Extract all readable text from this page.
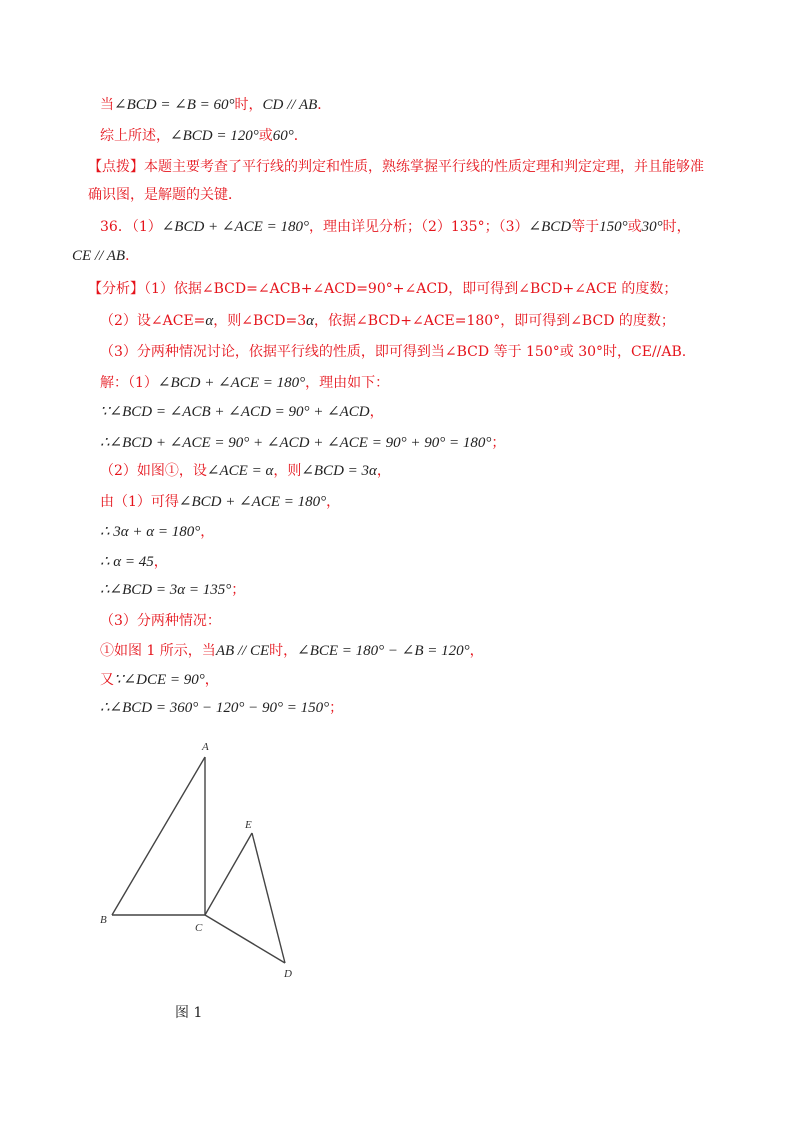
当∠BCD = ∠B = 60°时，CD // AB．
综上所述，∠BCD = 120°或60°．
【点拨】本题主要考查了平行线的判定和性质，熟练掌握平行线的性质定理和判定定理，并且能够准
确识图，是解题的关键．
36．（1）∠BCD + ∠ACE = 180°，理由详见分析；（2）135°；（3）∠BCD等于150°或30°时，
CE // AB．
【分析】（1）依据∠BCD=∠ACB+∠ACD=90°+∠ACD，即可得到∠BCD+∠ACE 的度数；
（2）设∠ACE=α，则∠BCD=3α，依据∠BCD+∠ACE=180°，即可得到∠BCD 的度数；
（3）分两种情况讨论，依据平行线的性质，即可得到当∠BCD 等于 150°或 30°时，CE//AB.
解：（1）∠BCD + ∠ACE = 180°，理由如下：
∵∠BCD = ∠ACB + ∠ACD = 90° + ∠ACD，
∴∠BCD + ∠ACE = 90° + ∠ACD + ∠ACE = 90° + 90° = 180°；
（2）如图①，设∠ACE = α，则∠BCD = 3α，
由（1）可得∠BCD + ∠ACE = 180°，
∴ 3α + α = 180°，
∴ α = 45，
∴∠BCD = 3α = 135°；
（3）分两种情况：
①如图 1 所示，当AB // CE时，∠BCE = 180° − ∠B = 120°，
又∵∠DCE = 90°，
∴∠BCD = 360° − 120° − 90° = 150°；
A
B
C
D
E
图 1
